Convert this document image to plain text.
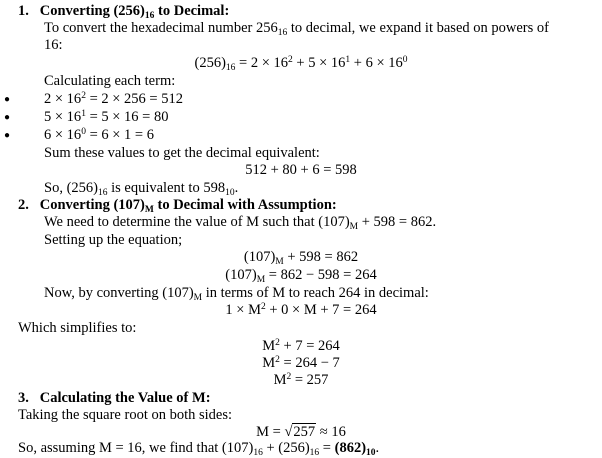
1. Converting $(256)_{16}$ to Decimal:
To convert the hexadecimal number $256_{16}$ to decimal, we expand it based on powers of
16:
$(256)_{16} = 2 \times 16^2 + 5 \times 16^1 + 6 \times 16^0$
Calculating each term:
● $2 \times 16^2 = 2 \times 256 = 512$
● $5 \times 16^1 = 5 \times 16 = 80$
● $6 \times 16^0 = 6 \times 1 = 6$
Sum these values to get the decimal equivalent:
512 + 80 + 6 = 598
So, $(256)_{16}$ is equivalent to $598_{10}$.
2. Converting $(107)_M$ to Decimal with Assumption:
We need to determine the value of M such that $(107)_M + 598 = 862$.
Setting up the equation;
$(107)_M + 598 = 862$
$(107)_M = 862 - 598 = 264$
Now, by converting $(107)_M$ in terms of M to reach 264 in decimal:
$1 \times M^2 + 0 \times M + 7 = 264$
Which simplifies to:
$M^2 + 7 = 264$
$M^2 = 264 - 7$
$M^2 = 257$
3. Calculating the Value of M:
Taking the square root on both sides:
M = √257 ≈ 16
So, assuming M = 16, we find that $(107)_{16} + (256)_{16} = (862)_{10}$.
